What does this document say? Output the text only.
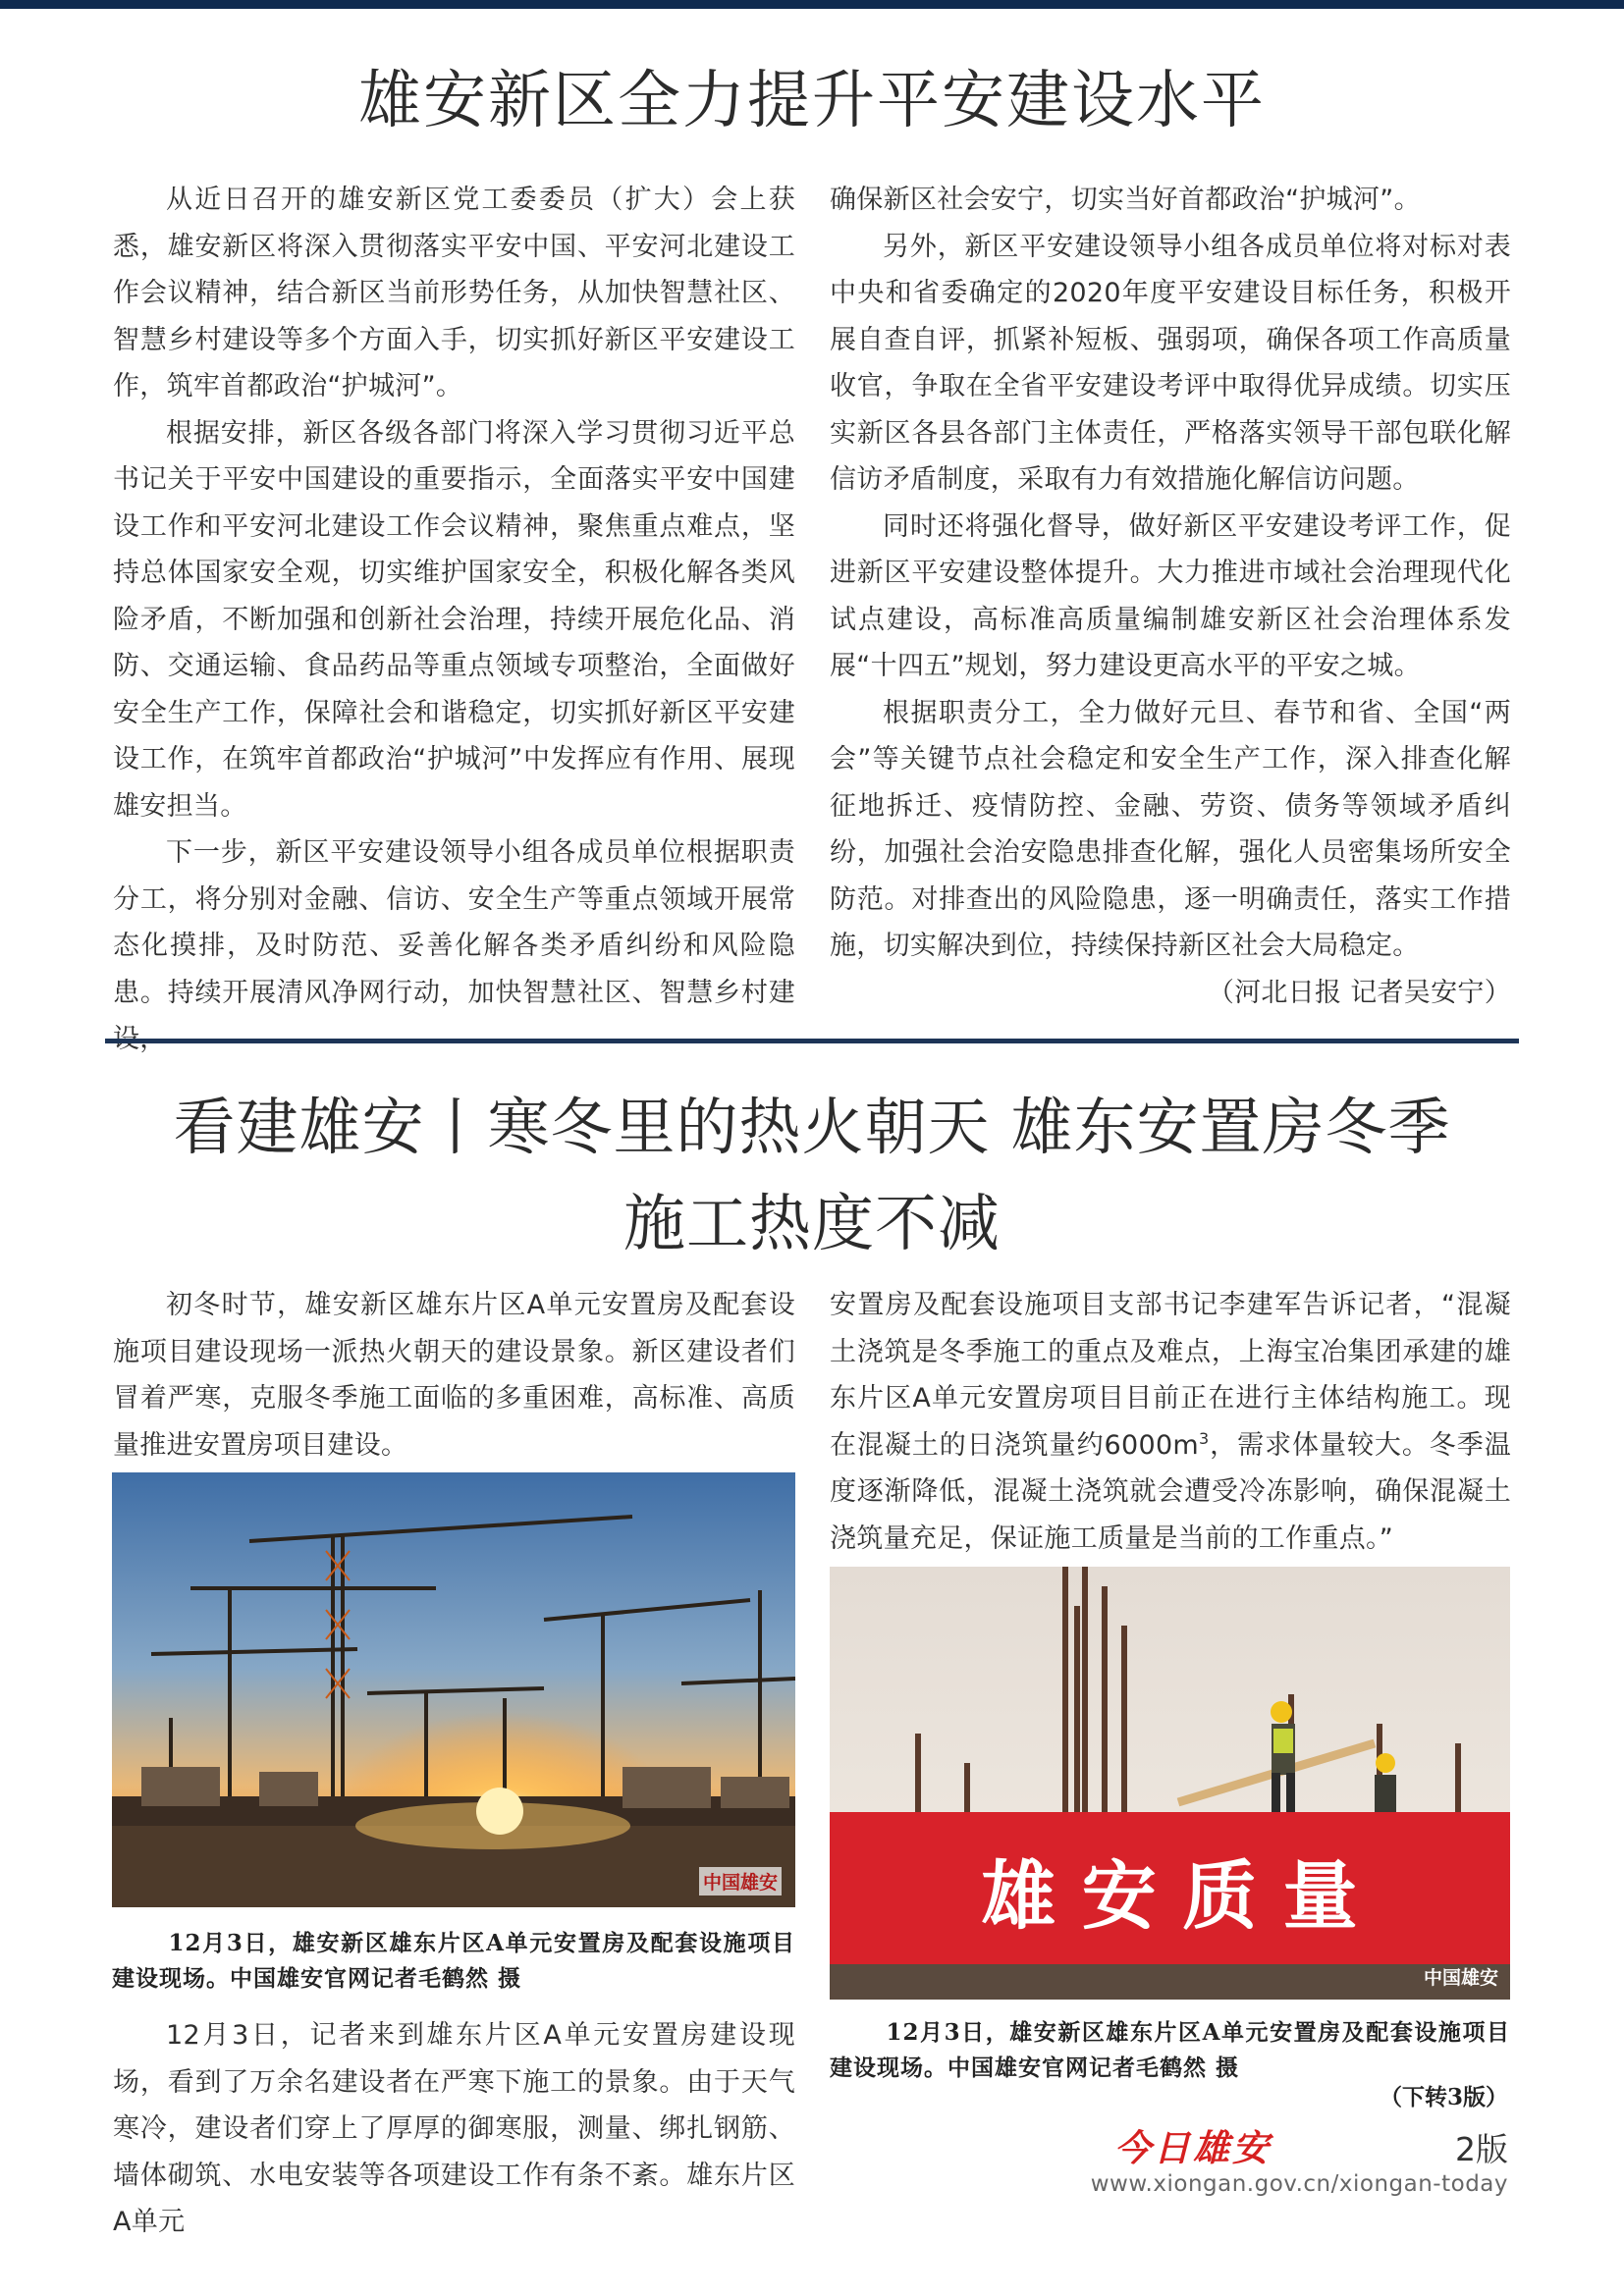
雄安新区全力提升平安建设水平

从近日召开的雄安新区党工委委员（扩大）会上获悉，雄安新区将深入贯彻落实平安中国、平安河北建设工作会议精神，结合新区当前形势任务，从加快智慧社区、智慧乡村建设等多个方面入手，切实抓好新区平安建设工作，筑牢首都政治“护城河”。

根据安排，新区各级各部门将深入学习贯彻习近平总书记关于平安中国建设的重要指示，全面落实平安中国建设工作和平安河北建设工作会议精神，聚焦重点难点，坚持总体国家安全观，切实维护国家安全，积极化解各类风险矛盾，不断加强和创新社会治理，持续开展危化品、消防、交通运输、食品药品等重点领域专项整治，全面做好安全生产工作，保障社会和谐稳定，切实抓好新区平安建设工作，在筑牢首都政治“护城河”中发挥应有作用、展现雄安担当。

下一步，新区平安建设领导小组各成员单位根据职责分工，将分别对金融、信访、安全生产等重点领域开展常态化摸排，及时防范、妥善化解各类矛盾纠纷和风险隐患。持续开展清风净网行动，加快智慧社区、智慧乡村建

确保新区社会安宁，切实当好首都政治“护城河”。

另外，新区平安建设领导小组各成员单位将对标对表中央和省委确定的2020年度平安建设目标任务，积极开展自查自评，抓紧补短板、强弱项，确保各项工作高质量收官，争取在全省平安建设考评中取得优异成绩。切实压实新区各县各部门主体责任，严格落实领导干部包联化解信访矛盾制度，采取有力有效措施化解信访问题。

同时还将强化督导，做好新区平安建设考评工作，促进新区平安建设整体提升。大力推进市域社会治理现代化试点建设，高标准高质量编制雄安新区社会治理体系发展“十四五”规划，努力建设更高水平的平安之城。

根据职责分工，全力做好元旦、春节和省、全国“两会”等关键节点社会稳定和安全生产工作，深入排查化解征地拆迁、疫情防控、金融、劳资、债务等领域矛盾纠纷，加强社会治安隐患排查化解，强化人员密集场所安全防范。对排查出的风险隐患，逐一明确责任，落实工作措施，切实解决到位，持续保持新区社会大局稳定。

（河北日报 记者吴安宁）

看建雄安丨寒冬里的热火朝天 雄东安置房冬季
施工热度不减

初冬时节，雄安新区雄东片区A单元安置房及配套设施项目建设现场一派热火朝天的建设景象。新区建设者们冒着严寒，克服冬季施工面临的多重困难，高标准、高质量推进安置房项目建设。

中国雄安

12月3日，雄安新区雄东片区A单元安置房及配套设施项目建设现场。中国雄安官网记者毛鹤然 摄

12月3日，记者来到雄东片区A单元安置房建设现场，看到了万余名建设者在严寒下施工的景象。由于天气寒冷，建设者们穿上了厚厚的御寒服，测量、绑扎钢筋、墙体砌筑、水电安装等各项建设工作有条不紊。雄东片区A单元

安置房及配套设施项目支部书记李建军告诉记者，“混凝土浇筑是冬季施工的重点及难点，上海宝冶集团承建的雄东片区A单元安置房项目目前正在进行主体结构施工。现在混凝土的日浇筑量约$6000m^3$，需求体量较大。冬季温度逐渐降低，混凝土浇筑就会遭受冷冻影响，确保混凝土浇筑量充足，保证施工质量是当前的工作重点。”

雄 安 质 量
中国雄安

12月3日，雄安新区雄东片区A单元安置房及配套设施项目建设现场。中国雄安官网记者毛鹤然 摄

（下转3版）
今日雄安	2版
www.xiongan.gov.cn/xiongan-today
